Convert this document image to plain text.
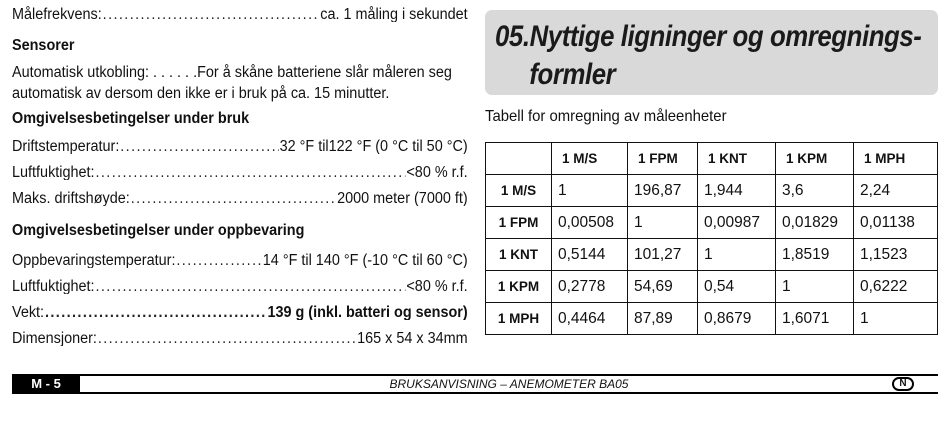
Målefrekvens: . . .	ca. 1 måling i sekundet
Sensorer
Automatisk utkobling: . . . . . .For å skåne batteriene slår måleren seg
automatisk av dersom den ikke er i bruk på ca. 15 minutter.
Omgivelsesbetingelser under bruk
Driftstemperatur: . . .	32 °F til122 °F (0 °C til 50 °C)
Luftfuktighet: . . .	<80 % r.f.
Maks. driftshøyde: . . .	2000 meter (7000 ft)
Omgivelsesbetingelser under oppbevaring
Oppbevaringstemperatur: . . .	14 °F til 140 °F (-10 °C til 60 °C)
Luftfuktighet: . . .	<80 % r.f.
Vekt: . . .	139 g (inkl. batteri og sensor)
Dimensjoner: . . .	165 x 54 x 34mm
05.Nyttige ligninger og omregnings-
formler
Tabell for omregning av måleenheter
	1 M/S	1 FPM	1 KNT	1 KPM	1 MPH
1 M/S	1	196,87	1,944	3,6	2,24
1 FPM	0,00508	1	0,00987	0,01829	0,01138
1 KNT	0,5144	101,27	1	1,8519	1,1523
1 KPM	0,2778	54,69	0,54	1	0,6222
1 MPH	0,4464	87,89	0,8679	1,6071	1
M - 5	BRUKSANVISNING – ANEMOMETER BA05	N
